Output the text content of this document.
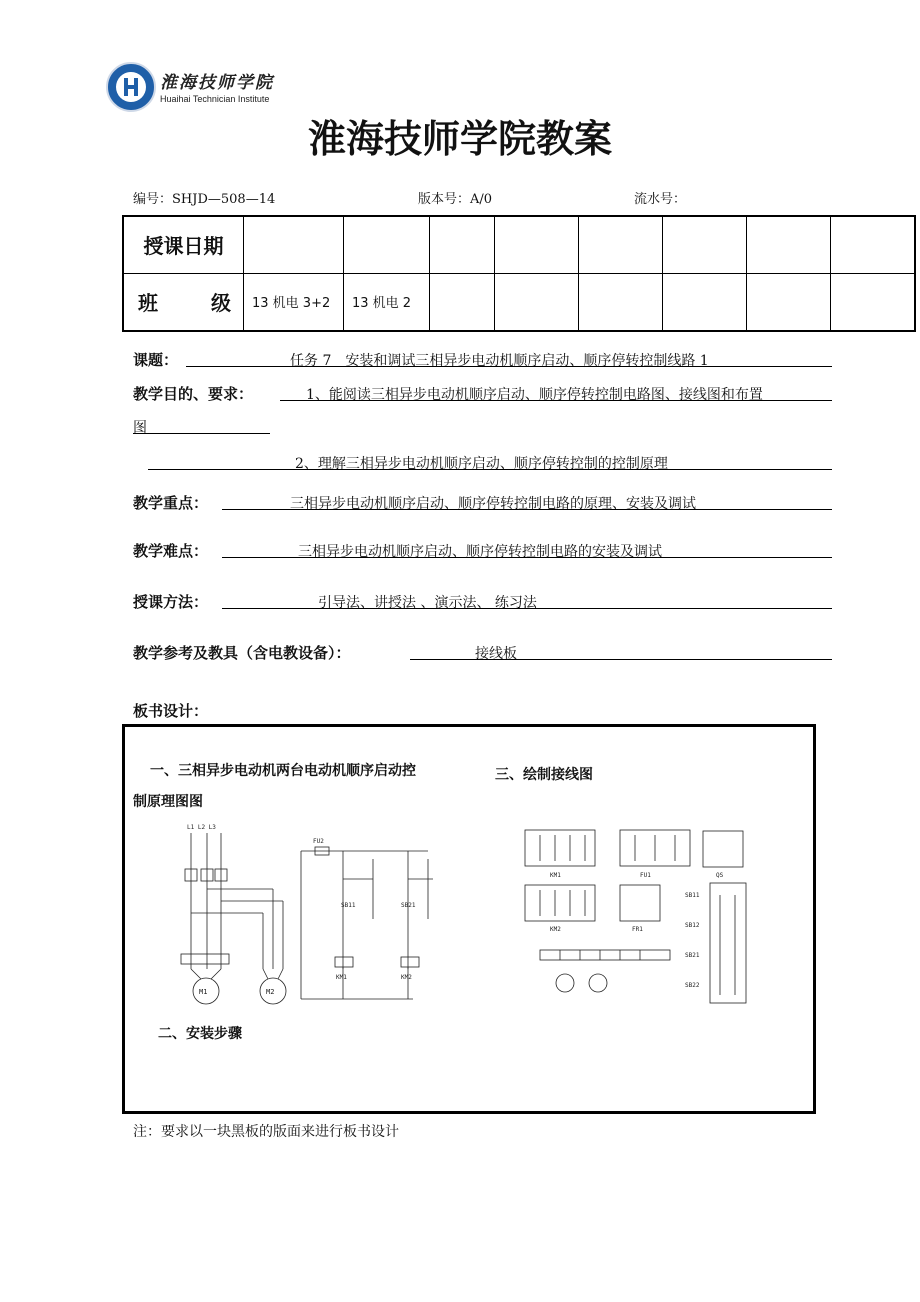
淮海技师学院
Huaihai Technician Institute
淮海技师学院教案
编号：SHJD—508—14	版本号：A/0	流水号：
授课日期								

班 级	13 机电 3+2	13 机电 2						
课题：	任务 7　安装和调试三相异步电动机顺序启动、顺序停转控制线路 1
教学目的、要求：	1、能阅读三相异步电动机顺序启动、顺序停转控制电路图、接线图和布置
图
2、理解三相异步电动机顺序启动、顺序停转控制的控制原理
教学重点：	三相异步电动机顺序启动、顺序停转控制电路的原理、安装及调试
教学难点：	三相异步电动机顺序启动、顺序停转控制电路的安装及调试
授课方法：	引导法、讲授法 、演示法、 练习法
教学参考及教具（含电教设备）：	接线板
板书设计：
一、三相异步电动机两台电动机顺序启动控
制原理图图
三、绘制接线图
二、安装步骤
M1	M2
L1 L2 L3
FU2
SB11	SB21
KM1	KM2
KM1
KM2
FU1
FR1
QS
SB11
SB12
SB21
SB22
注：要求以一块黑板的版面来进行板书设计
